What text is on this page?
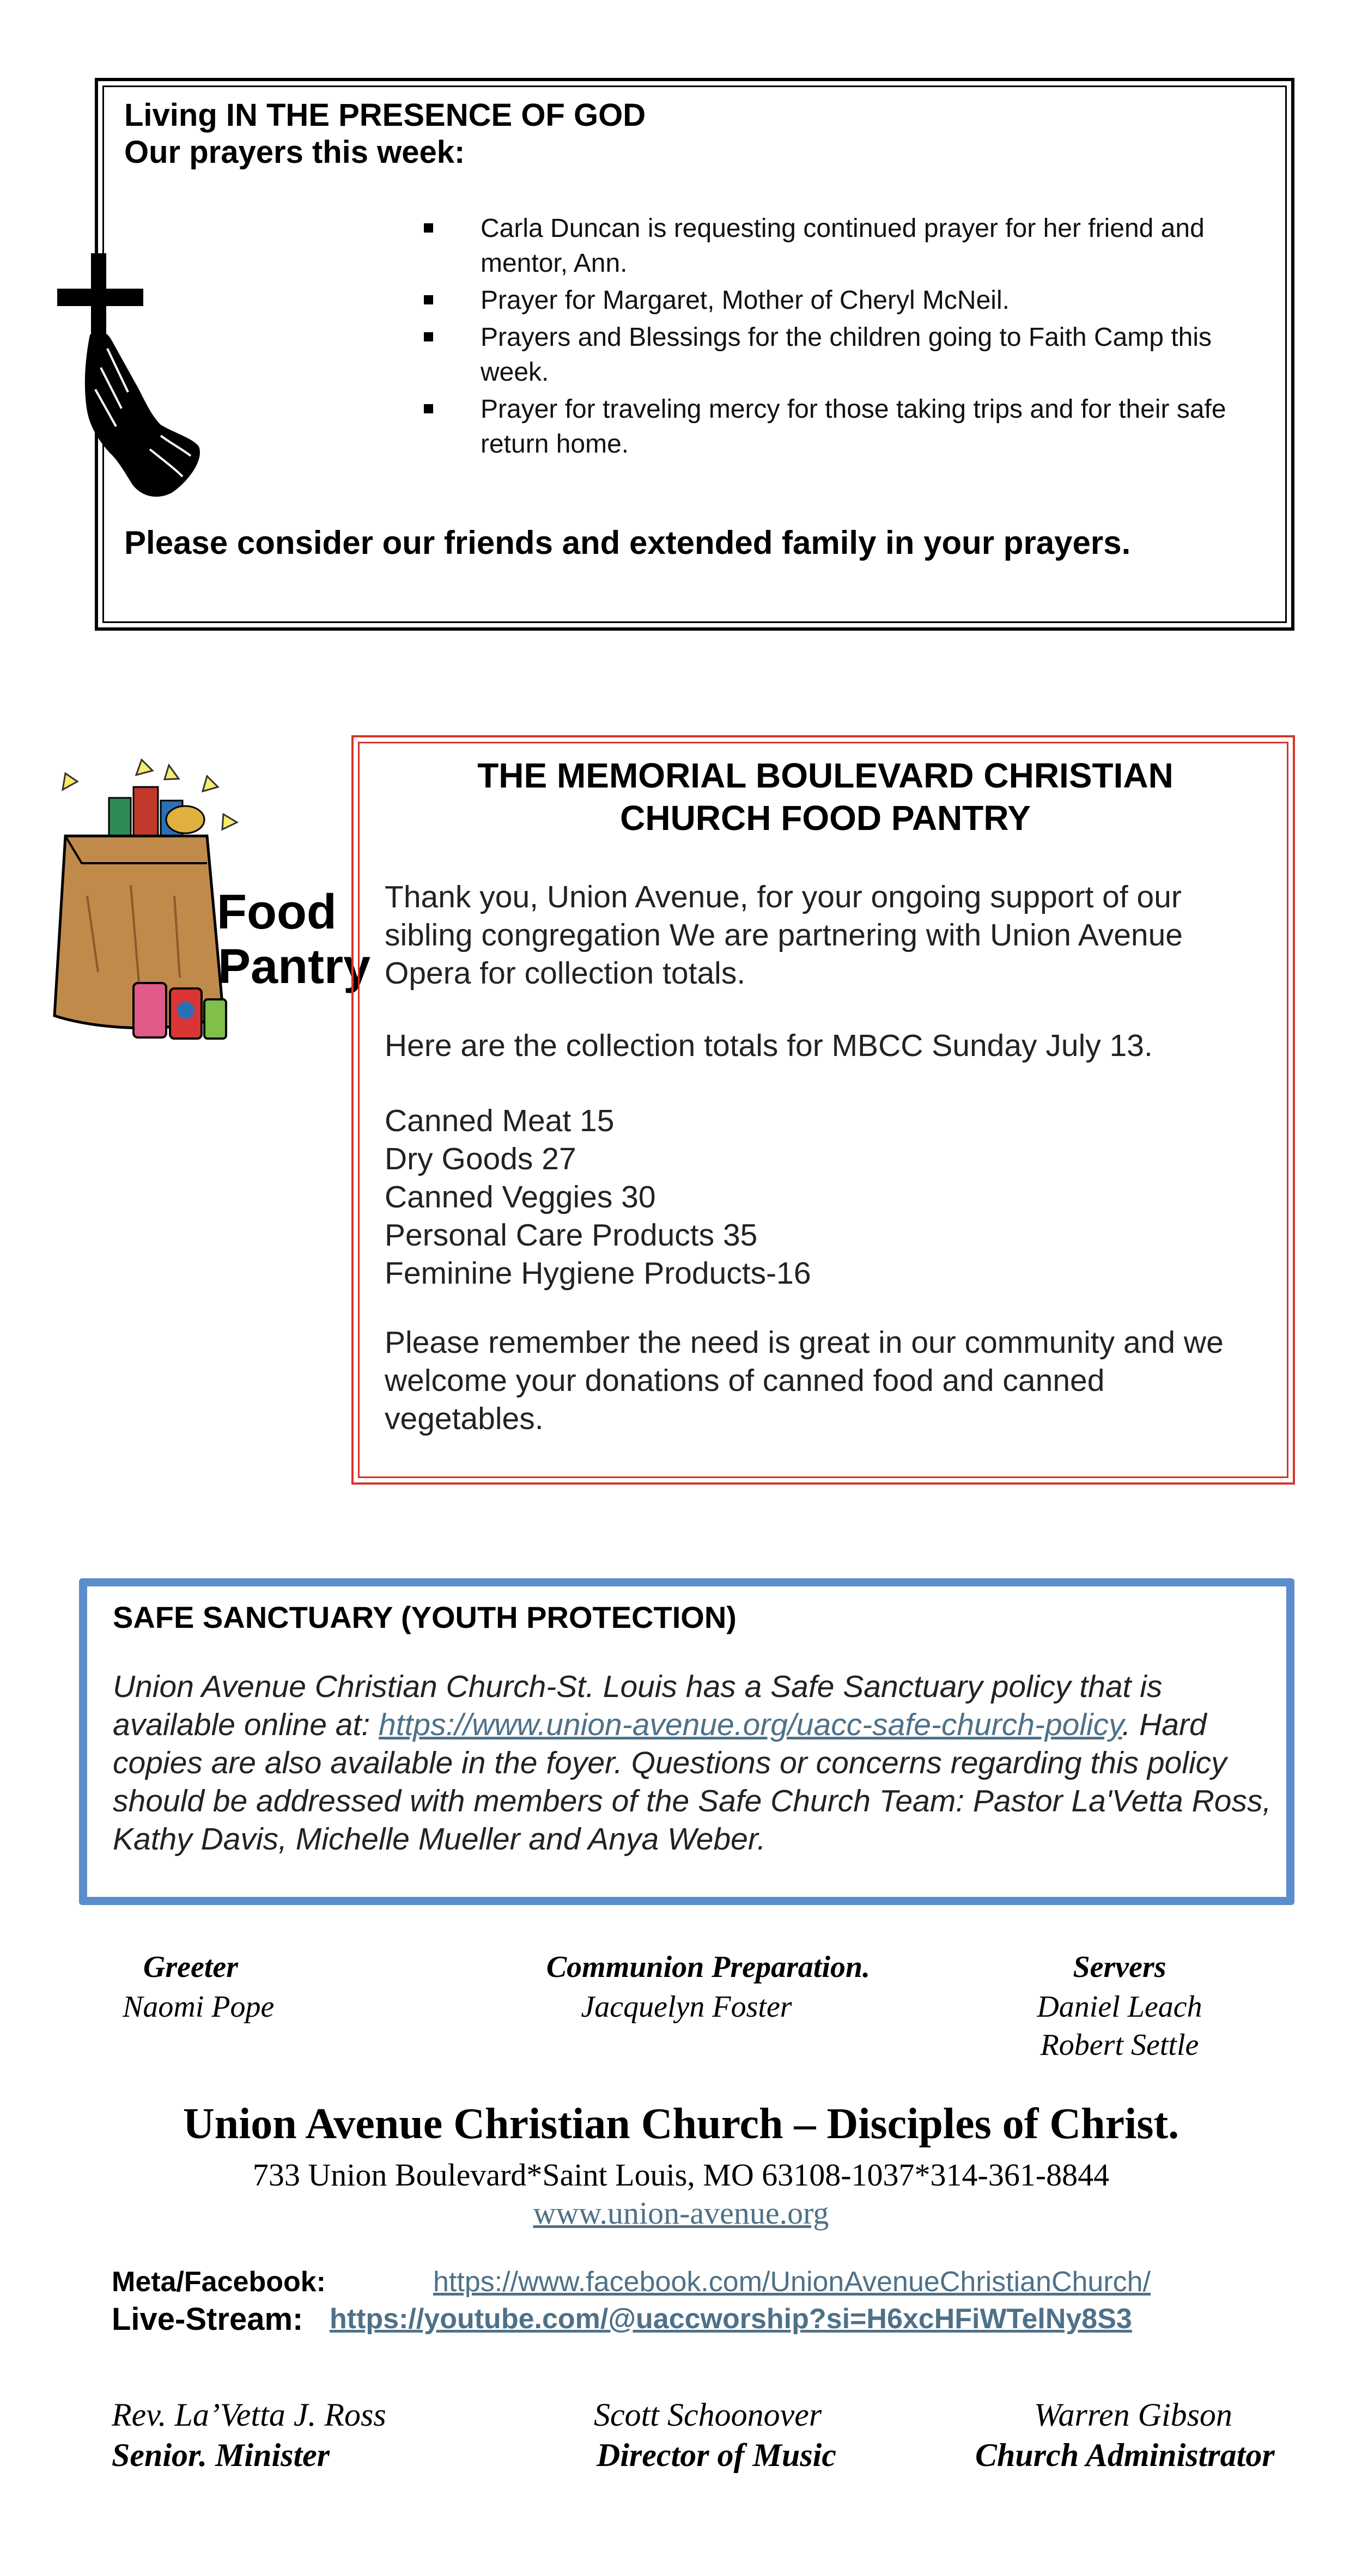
Living IN THE PRESENCE OF GOD
Our prayers this week:
Carla Duncan is requesting continued prayer for her friend and mentor, Ann.
Prayer for Margaret, Mother of Cheryl McNeil.
Prayers and Blessings for the children going to Faith Camp this week.
Prayer for traveling mercy for those taking trips and for their safe return home.
Please consider our friends and extended family in your prayers.
Food
Pantry
THE MEMORIAL BOULEVARD CHRISTIAN
CHURCH FOOD PANTRY
Thank you, Union Avenue, for your ongoing support of our sibling congregation We are partnering with Union Avenue Opera for collection totals.
Here are the collection totals for MBCC Sunday July 13.
Canned Meat 15
Dry Goods 27
Canned Veggies 30
Personal Care Products 35
Feminine Hygiene Products-16
Please remember the need is great in our community and we welcome your donations of canned food and canned vegetables.
SAFE SANCTUARY (YOUTH PROTECTION)
Union Avenue Christian Church-St. Louis has a Safe Sanctuary policy that is available online at: https://www.union-avenue.org/uacc-safe-church-policy. Hard copies are also available in the foyer. Questions or concerns regarding this policy should be addressed with members of the Safe Church Team: Pastor La'Vetta Ross, Kathy Davis, Michelle Mueller and Anya Weber.
Greeter
Naomi Pope
Communion Preparation.
Jacquelyn Foster
Servers
Daniel Leach
Robert Settle
Union Avenue Christian Church – Disciples of Christ.
733 Union Boulevard*Saint Louis, MO 63108-1037*314-361-8844
www.union-avenue.org
Meta/Facebook:	https://www.facebook.com/UnionAvenueChristianChurch/
Live-Stream: https://youtube.com/@uaccworship?si=H6xcHFiWTelNy8S3
Rev. La’Vetta J. Ross
Senior. Minister
Scott Schoonover
Director of Music
Warren Gibson
Church Administrator
